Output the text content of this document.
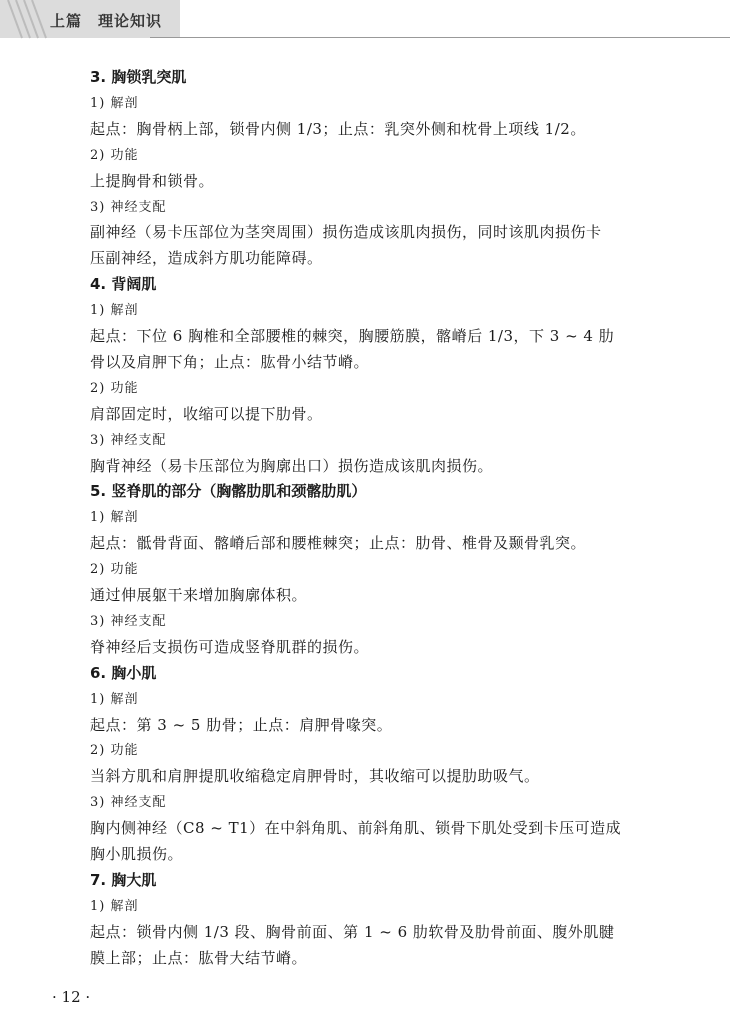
上篇　理论知识
3. 胸锁乳突肌
1) 解剖
起点：胸骨柄上部，锁骨内侧 1/3；止点：乳突外侧和枕骨上项线 1/2。
2) 功能
上提胸骨和锁骨。
3) 神经支配
副神经（易卡压部位为茎突周围）损伤造成该肌肉损伤，同时该肌肉损伤卡
压副神经，造成斜方肌功能障碍。
4. 背阔肌
1) 解剖
起点：下位 6 胸椎和全部腰椎的棘突，胸腰筋膜，髂嵴后 1/3，下 3 ~ 4 肋
骨以及肩胛下角；止点：肱骨小结节嵴。
2) 功能
肩部固定时，收缩可以提下肋骨。
3) 神经支配
胸背神经（易卡压部位为胸廓出口）损伤造成该肌肉损伤。
5. 竖脊肌的部分（胸髂肋肌和颈髂肋肌）
1) 解剖
起点：骶骨背面、髂嵴后部和腰椎棘突；止点：肋骨、椎骨及颞骨乳突。
2) 功能
通过伸展躯干来增加胸廓体积。
3) 神经支配
脊神经后支损伤可造成竖脊肌群的损伤。
6. 胸小肌
1) 解剖
起点：第 3 ~ 5 肋骨；止点：肩胛骨喙突。
2) 功能
当斜方肌和肩胛提肌收缩稳定肩胛骨时，其收缩可以提肋助吸气。
3) 神经支配
胸内侧神经（C8 ~ T1）在中斜角肌、前斜角肌、锁骨下肌处受到卡压可造成
胸小肌损伤。
7. 胸大肌
1) 解剖
起点：锁骨内侧 1/3 段、胸骨前面、第 1 ~ 6 肋软骨及肋骨前面、腹外肌腱
膜上部；止点：肱骨大结节嵴。
· 12 ·
